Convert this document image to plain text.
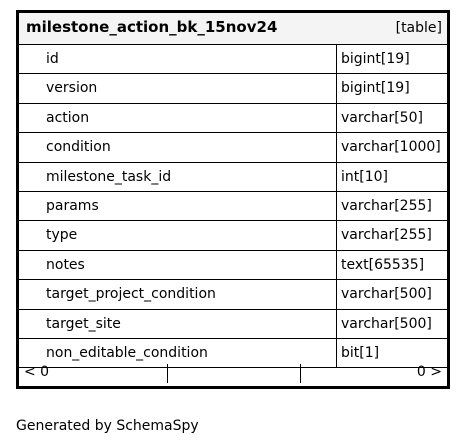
milestone_action_bk_15nov24	[table]
id	bigint[19]
version	bigint[19]
action	varchar[50]
condition	varchar[1000]
milestone_task_id	int[10]
params	varchar[255]
type	varchar[255]
notes	text[65535]
target_project_condition	varchar[500]
target_site	varchar[500]
non_editable_condition	bit[1]
< 0	0 >
Generated by SchemaSpy
